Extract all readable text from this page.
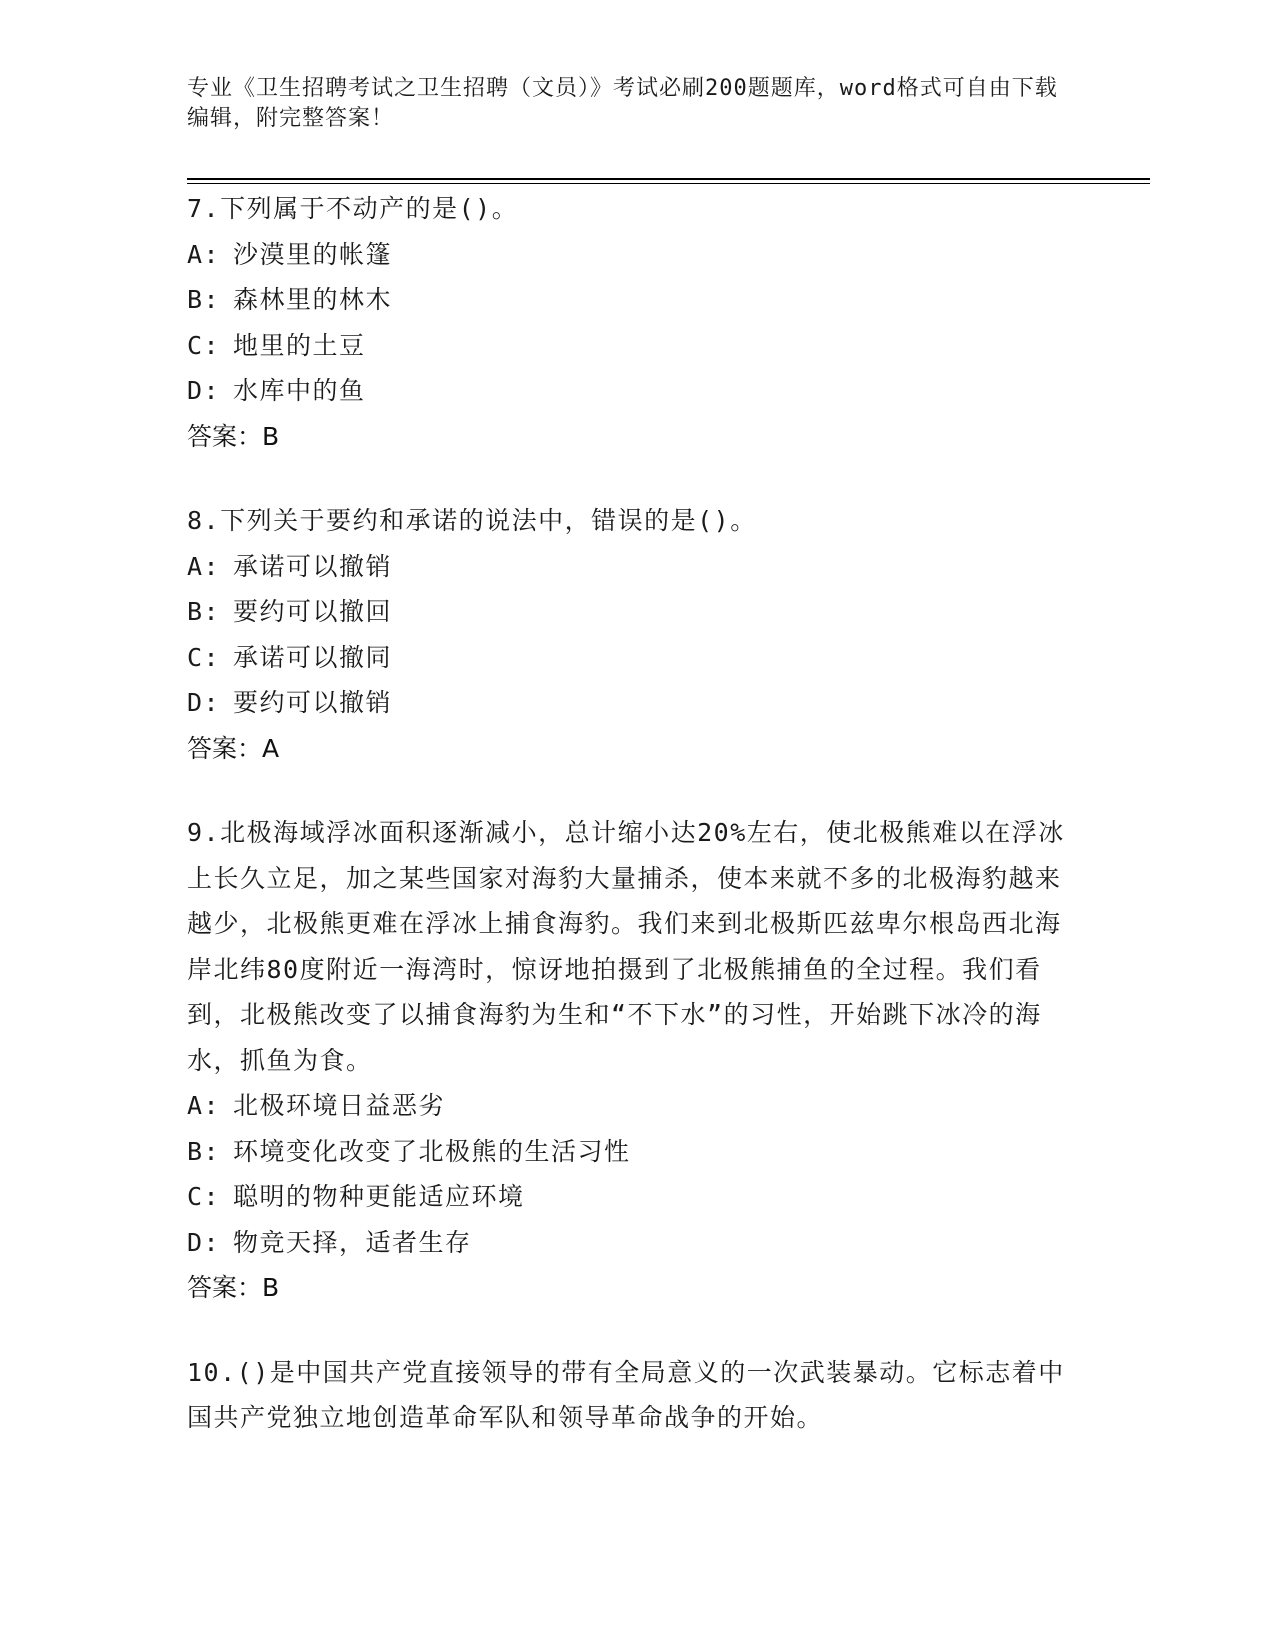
专业《卫生招聘考试之卫生招聘（文员）》考试必刷200题题库，word格式可自由下载编辑，附完整答案！

7.下列属于不动产的是()。

A: 沙漠里的帐篷

B: 森林里的林木

C: 地里的土豆

D: 水库中的鱼

答案：B

8.下列关于要约和承诺的说法中，错误的是()。

A: 承诺可以撤销

B: 要约可以撤回

C: 承诺可以撤同

D: 要约可以撤销

答案：A

9.北极海域浮冰面积逐渐减小，总计缩小达20%左右，使北极熊难以在浮冰上长久立足，加之某些国家对海豹大量捕杀，使本来就不多的北极海豹越来越少，北极熊更难在浮冰上捕食海豹。我们来到北极斯匹兹卑尔根岛西北海岸北纬80度附近一海湾时，惊讶地拍摄到了北极熊捕鱼的全过程。我们看到，北极熊改变了以捕食海豹为生和“不下水”的习性，开始跳下冰冷的海水，抓鱼为食。

A: 北极环境日益恶劣

B: 环境变化改变了北极熊的生活习性

C: 聪明的物种更能适应环境

D: 物竞天择，适者生存

答案：B

10.()是中国共产党直接领导的带有全局意义的一次武装暴动。它标志着中国共产党独立地创造革命军队和领导革命战争的开始。
